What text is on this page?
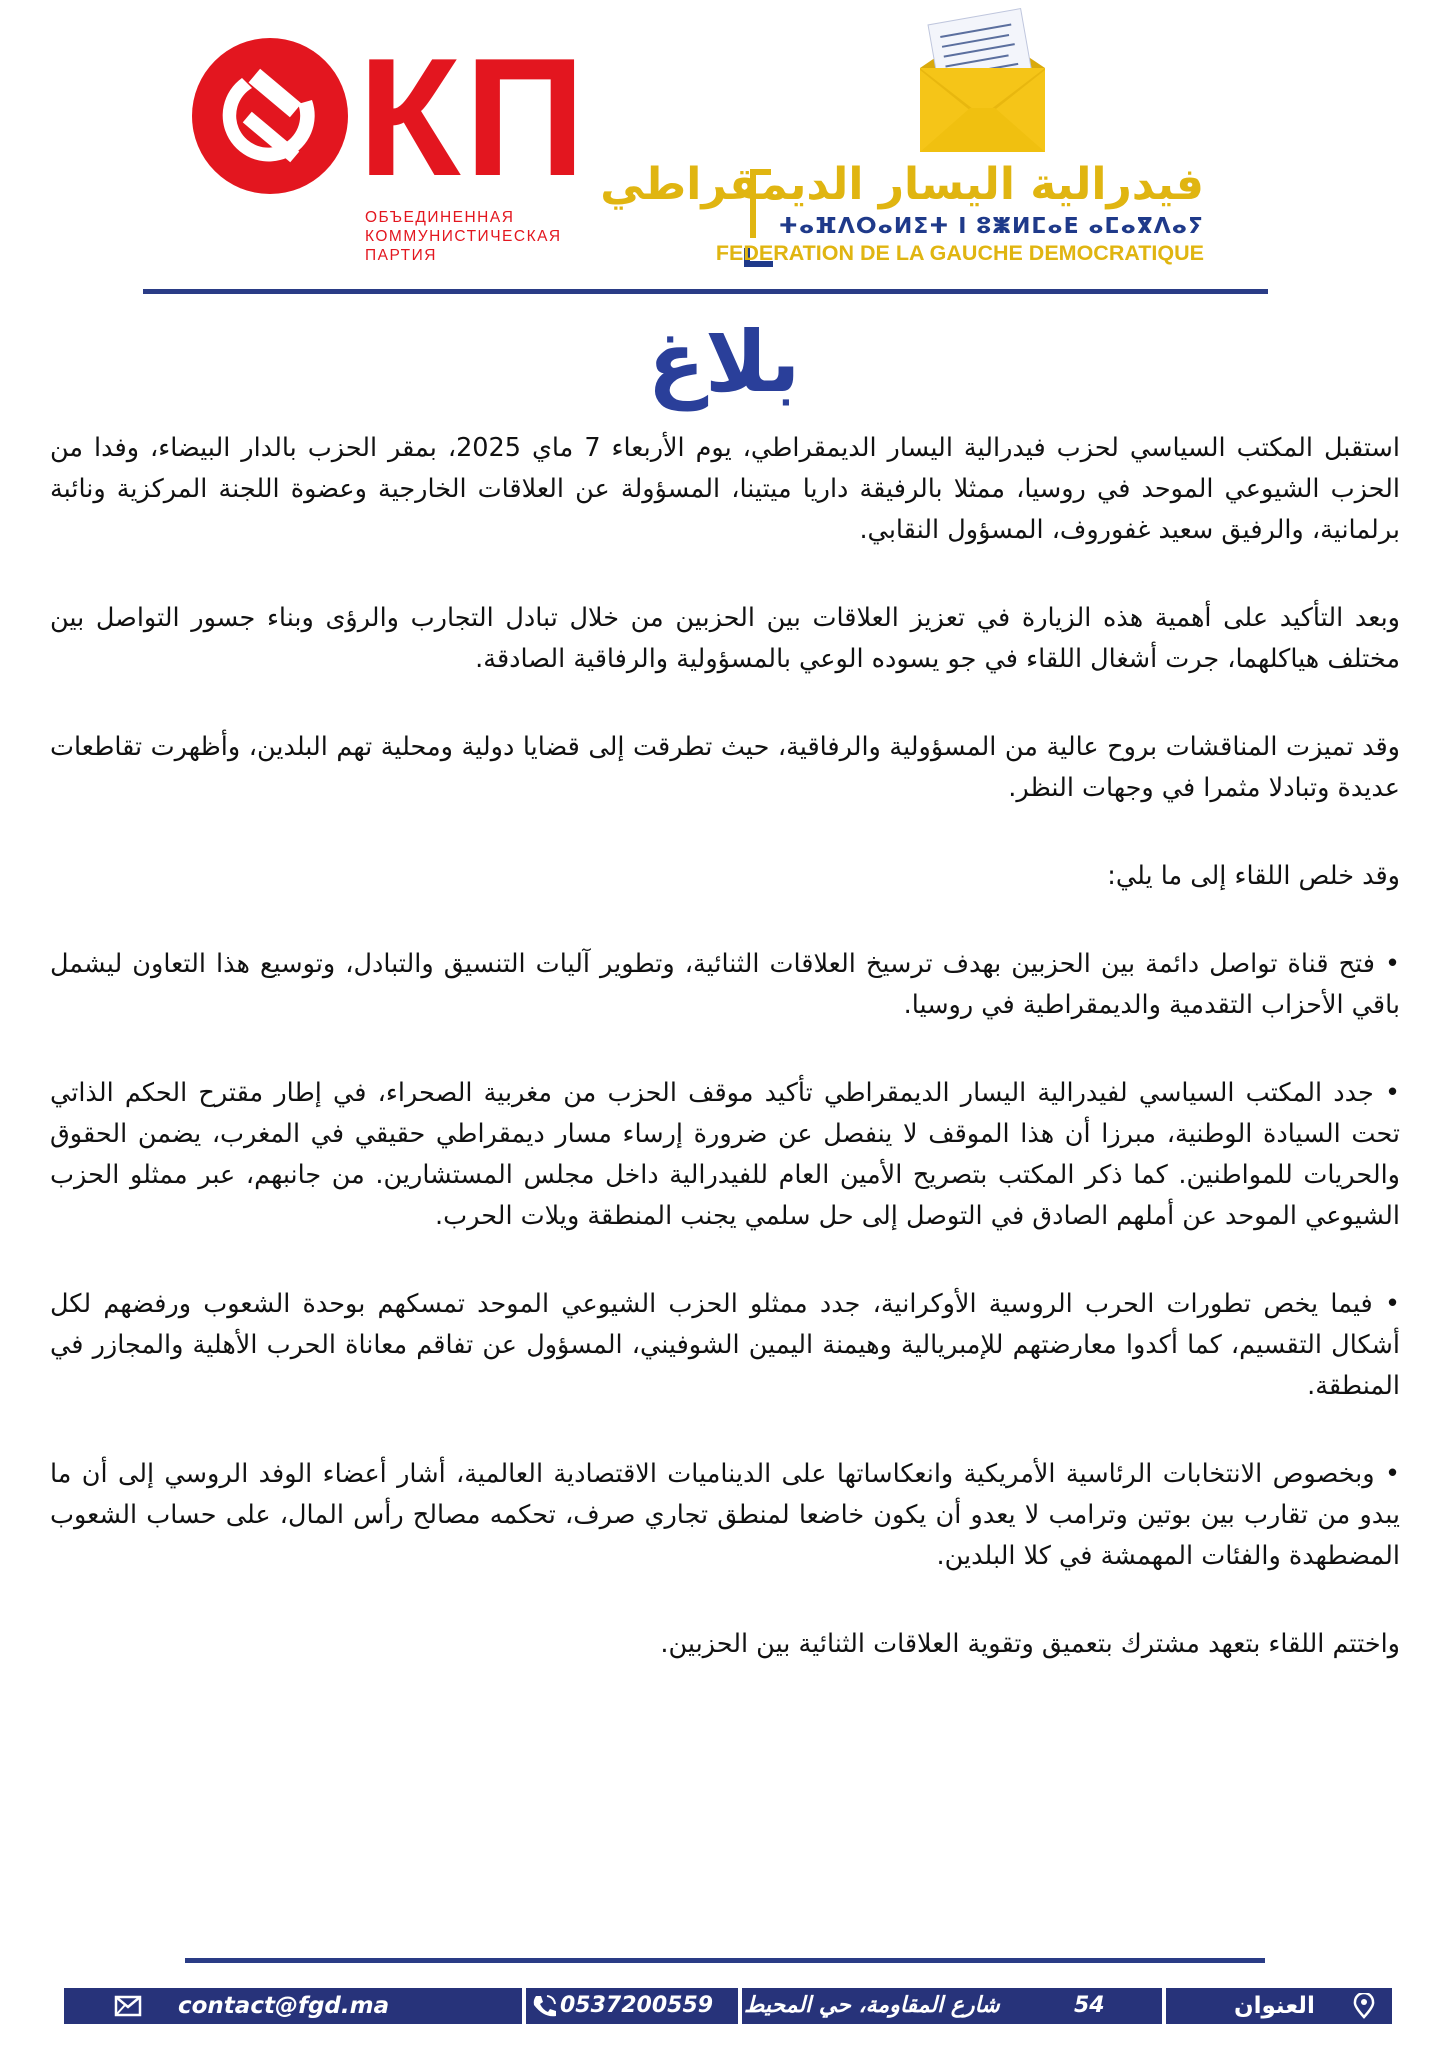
КП
ОБЪЕДИНЕННАЯ
КОММУНИСТИЧЕСКАЯ
ПАРТИЯ
فيدرالية اليسار الديمقراطي
ⵜⴰⴼⴷⵔⴰⵍⵉⵜ ⵏ ⵓⵥⵍⵎⴰⴹ ⴰⵎⴰⴳⴷⴰⵢ
FEDERATION DE LA GAUCHE DEMOCRATIQUE
بلاغ

استقبل المكتب السياسي لحزب فيدرالية اليسار الديمقراطي، يوم الأربعاء 7 ماي 2025، بمقر الحزب بالدار البيضاء، وفدا من الحزب الشيوعي الموحد في روسيا، ممثلا بالرفيقة داريا ميتينا، المسؤولة عن العلاقات الخارجية وعضوة اللجنة المركزية ونائبة برلمانية، والرفيق سعيد غفوروف، المسؤول النقابي.

وبعد التأكيد على أهمية هذه الزيارة في تعزيز العلاقات بين الحزبين من خلال تبادل التجارب والرؤى وبناء جسور التواصل بين مختلف هياكلهما، جرت أشغال اللقاء في جو يسوده الوعي بالمسؤولية والرفاقية الصادقة.

وقد تميزت المناقشات بروح عالية من المسؤولية والرفاقية، حيث تطرقت إلى قضايا دولية ومحلية تهم البلدين، وأظهرت تقاطعات عديدة وتبادلا مثمرا في وجهات النظر.

وقد خلص اللقاء إلى ما يلي:

• فتح قناة تواصل دائمة بين الحزبين بهدف ترسيخ العلاقات الثنائية، وتطوير آليات التنسيق والتبادل، وتوسيع هذا التعاون ليشمل باقي الأحزاب التقدمية والديمقراطية في روسيا.

• جدد المكتب السياسي لفيدرالية اليسار الديمقراطي تأكيد موقف الحزب من مغربية الصحراء، في إطار مقترح الحكم الذاتي تحت السيادة الوطنية، مبرزا أن هذا الموقف لا ينفصل عن ضرورة إرساء مسار ديمقراطي حقيقي في المغرب، يضمن الحقوق والحريات للمواطنين. كما ذكر المكتب بتصريح الأمين العام للفيدرالية داخل مجلس المستشارين. من جانبهم، عبر ممثلو الحزب الشيوعي الموحد عن أملهم الصادق في التوصل إلى حل سلمي يجنب المنطقة ويلات الحرب.

• فيما يخص تطورات الحرب الروسية الأوكرانية، جدد ممثلو الحزب الشيوعي الموحد تمسكهم بوحدة الشعوب ورفضهم لكل أشكال التقسيم، كما أكدوا معارضتهم للإمبريالية وهيمنة اليمين الشوفيني، المسؤول عن تفاقم معاناة الحرب الأهلية والمجازر في المنطقة.

• وبخصوص الانتخابات الرئاسية الأمريكية وانعكاساتها على الديناميات الاقتصادية العالمية، أشار أعضاء الوفد الروسي إلى أن ما يبدو من تقارب بين بوتين وترامب لا يعدو أن يكون خاضعا لمنطق تجاري صرف، تحكمه مصالح رأس المال، على حساب الشعوب المضطهدة والفئات المهمشة في كلا البلدين.

واختتم اللقاء بتعهد مشترك بتعميق وتقوية العلاقات الثنائية بين الحزبين.

contact@fgd.ma	0537200559 شارع المقاومة، حي المحيط	54	العنوان
